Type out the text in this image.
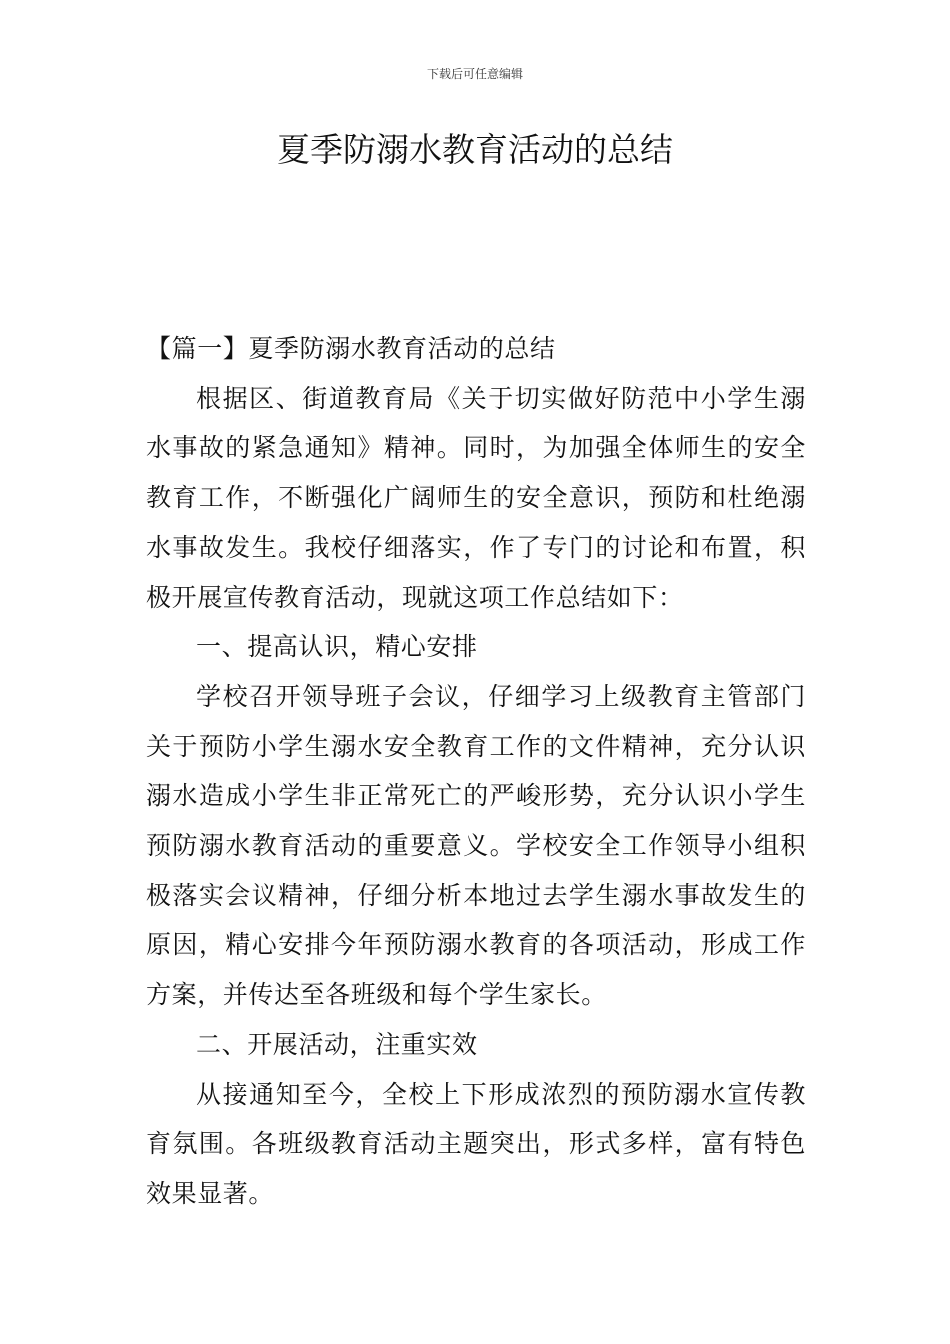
下载后可任意编辑
夏季防溺水教育活动的总结

【篇一】夏季防溺水教育活动的总结

根据区、街道教育局《关于切实做好防范中小学生溺水事故的紧急通知》精神。同时，为加强全体师生的安全教育工作，不断强化广阔师生的安全意识，预防和杜绝溺水事故发生。我校仔细落实，作了专门的讨论和布置，积极开展宣传教育活动，现就这项工作总结如下：

一、提高认识，精心安排

学校召开领导班子会议，仔细学习上级教育主管部门关于预防小学生溺水安全教育工作的文件精神，充分认识溺水造成小学生非正常死亡的严峻形势，充分认识小学生预防溺水教育活动的重要意义。学校安全工作领导小组积极落实会议精神，仔细分析本地过去学生溺水事故发生的原因，精心安排今年预防溺水教育的各项活动，形成工作方案，并传达至各班级和每个学生家长。

二、开展活动，注重实效

从接通知至今，全校上下形成浓烈的预防溺水宣传教育氛围。各班级教育活动主题突出，形式多样，富有特色效果显著。
